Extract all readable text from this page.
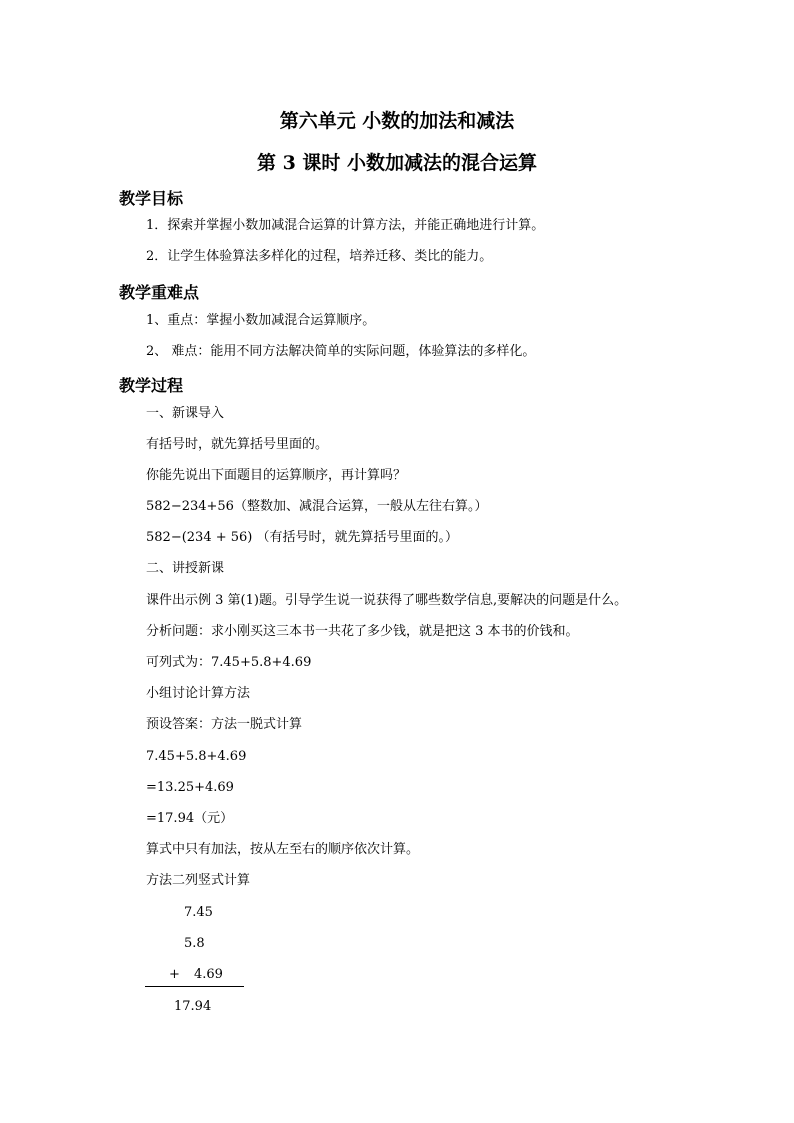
第六单元 小数的加法和减法
第 3 课时 小数加减法的混合运算
教学目标
1．探索并掌握小数加减混合运算的计算方法，并能正确地进行计算。
2．让学生体验算法多样化的过程，培养迁移、类比的能力。
教学重难点
1、重点：掌握小数加减混合运算顺序。
2、 难点：能用不同方法解决简单的实际问题，体验算法的多样化。
教学过程
一、新课导入
有括号时，就先算括号里面的。
你能先说出下面题目的运算顺序，再计算吗？
582−234+56（整数加、减混合运算，一般从左往右算。）
582−(234 + 56) （有括号时，就先算括号里面的。）
二、讲授新课
课件出示例 3 第(1)题。引导学生说一说获得了哪些数学信息,要解决的问题是什么。
分析问题：求小刚买这三本书一共花了多少钱，就是把这 3 本书的价钱和。
可列式为：7.45+5.8+4.69
小组讨论计算方法
预设答案：方法一脱式计算
7.45+5.8+4.69
=13.25+4.69
=17.94（元）
算式中只有加法，按从左至右的顺序依次计算。
方法二列竖式计算
7.45
5.8
+ 4.69
17.94
